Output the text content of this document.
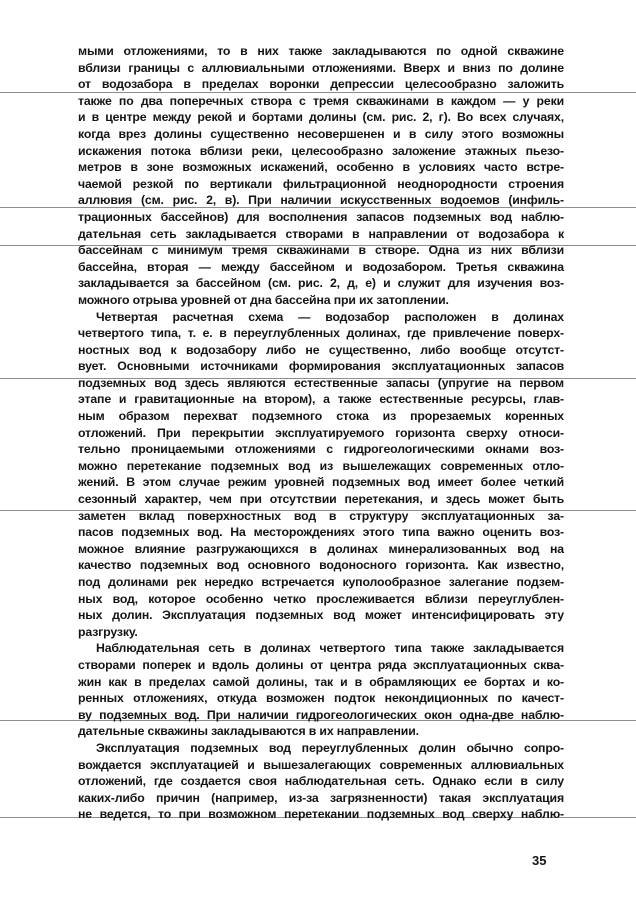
мыми отложениями, то в них также закладываются по одной скважине
вблизи границы с аллювиальными отложениями. Вверх и вниз по долине
от водозабора в пределах воронки депрессии целесообразно заложить
также по два поперечных створа с тремя скважинами в каждом — у реки
и в центре между рекой и бортами долины (см. рис. 2, г). Во всех случаях,
когда врез долины существенно несовершенен и в силу этого возможны
искажения потока вблизи реки, целесообразно заложение этажных пьезо-
метров в зоне возможных искажений, особенно в условиях часто встре-
чаемой резкой по вертикали фильтрационной неоднородности строения
аллювия (см. рис. 2, в). При наличии искусственных водоемов (инфиль-
трационных бассейнов) для восполнения запасов подземных вод наблю-
дательная сеть закладывается створами в направлении от водозабора к
бассейнам с минимум тремя скважинами в створе. Одна из них вблизи
бассейна, вторая — между бассейном и водозабором. Третья скважина
закладывается за бассейном (см. рис. 2, д, е) и служит для изучения воз-
можного отрыва уровней от дна бассейна при их затоплении.
Четвертая расчетная схема — водозабор расположен в долинах
четвертого типа, т. е. в переуглубленных долинах, где привлечение поверх-
ностных вод к водозабору либо не существенно, либо вообще отсутст-
вует. Основными источниками формирования эксплуатационных запасов
подземных вод здесь являются естественные запасы (упругие на первом
этапе и гравитационные на втором), а также естественные ресурсы, глав-
ным образом перехват подземного стока из прорезаемых коренных
отложений. При перекрытии эксплуатируемого горизонта сверху относи-
тельно проницаемыми отложениями с гидрогеологическими окнами воз-
можно перетекание подземных вод из вышележащих современных отло-
жений. В этом случае режим уровней подземных вод имеет более четкий
сезонный характер, чем при отсутствии перетекания, и здесь может быть
заметен вклад поверхностных вод в структуру эксплуатационных за-
пасов подземных вод. На месторождениях этого типа важно оценить воз-
можное влияние разгружающихся в долинах минерализованных вод на
качество подземных вод основного водоносного горизонта. Как известно,
под долинами рек нередко встречается куполообразное залегание подзем-
ных вод, которое особенно четко прослеживается вблизи переуглублен-
ных долин. Эксплуатация подземных вод может интенсифицировать эту
разгрузку.
Наблюдательная сеть в долинах четвертого типа также закладывается
створами поперек и вдоль долины от центра ряда эксплуатационных сква-
жин как в пределах самой долины, так и в обрамляющих ее бортах и ко-
ренных отложениях, откуда возможен подток некондиционных по качест-
ву подземных вод. При наличии гидрогеологических окон одна-две наблю-
дательные скважины закладываются в их направлении.
Эксплуатация подземных вод переуглубленных долин обычно сопро-
вождается эксплуатацией и вышезалегающих современных аллювиальных
отложений, где создается своя наблюдательная сеть. Однако если в силу
каких-либо причин (например, из-за загрязненности) такая эксплуатация
не ведется, то при возможном перетекании подземных вод сверху наблю-
35
